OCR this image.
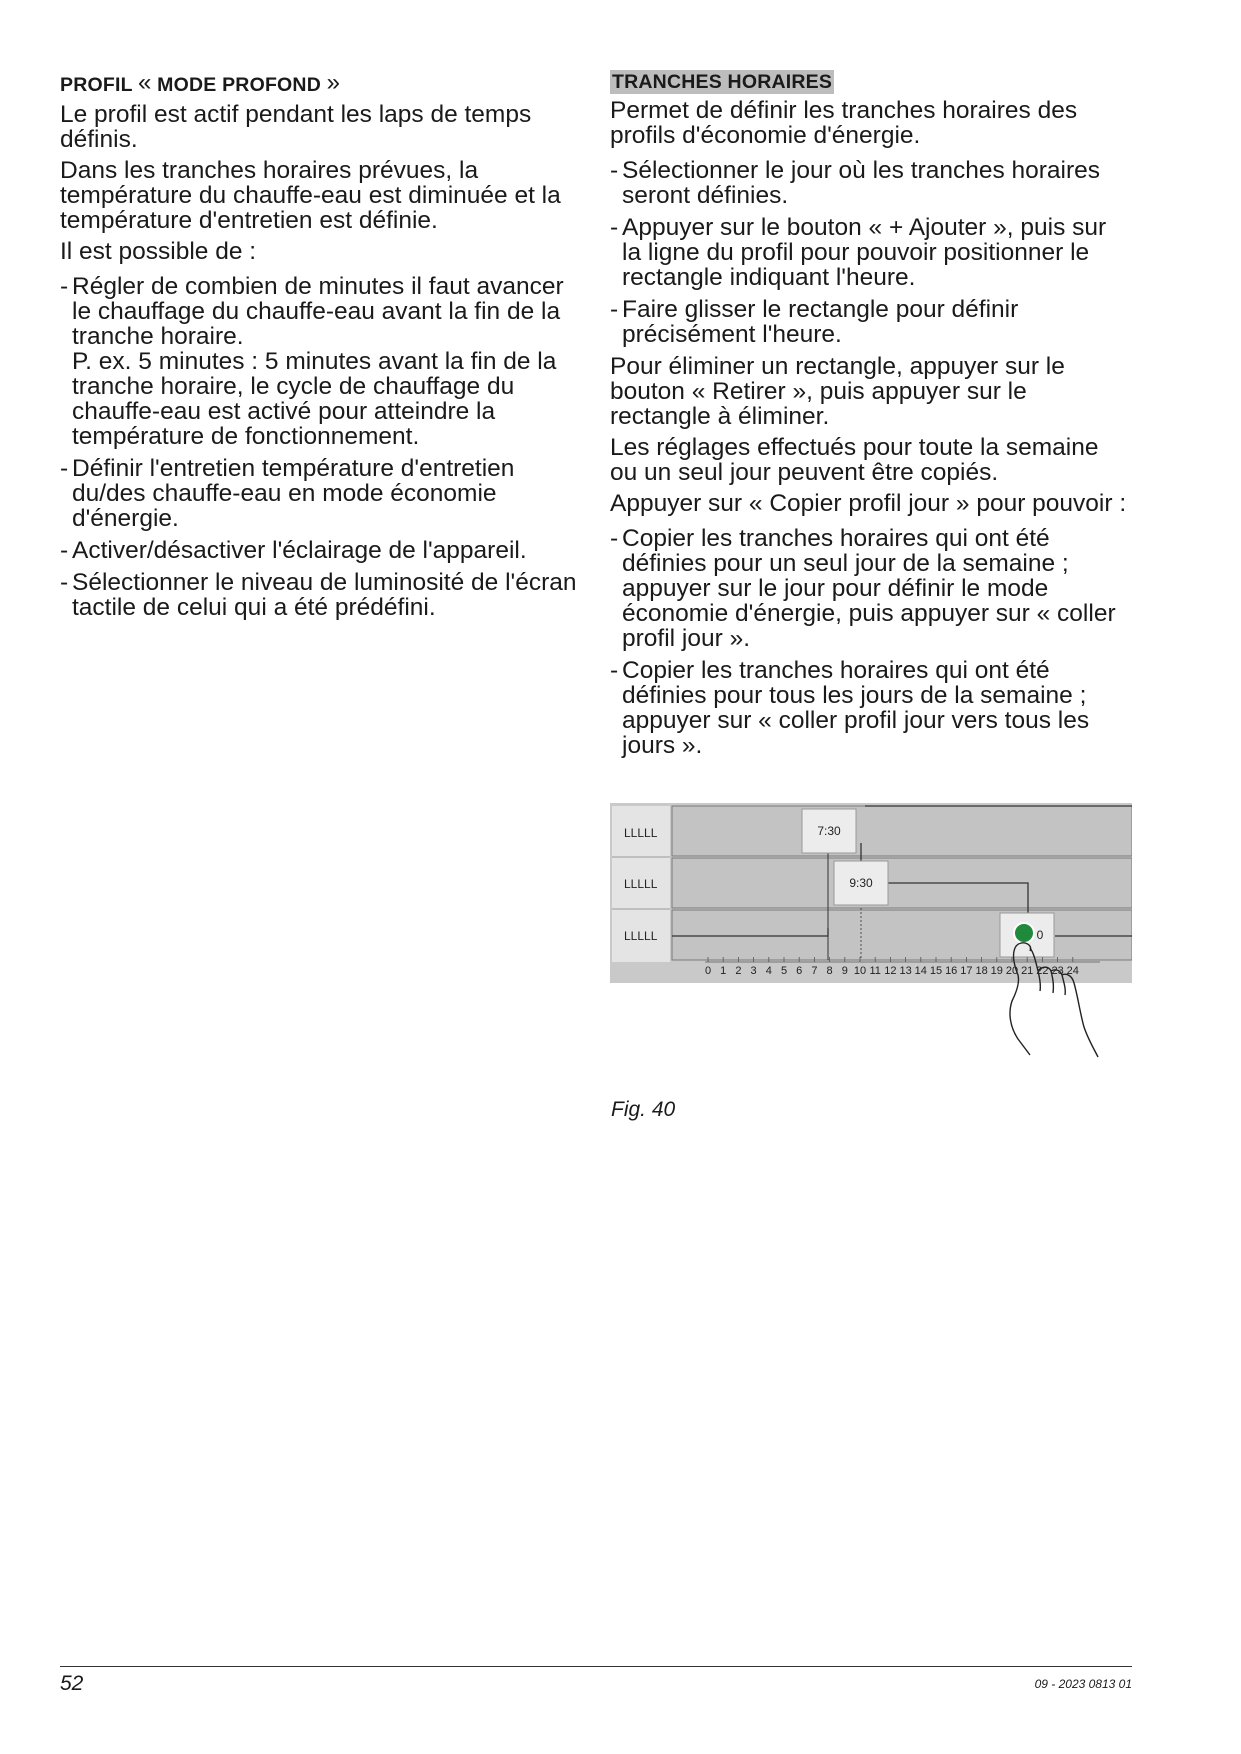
PROFIL « MODE PROFOND »

Le profil est actif pendant les laps de temps définis.

Dans les tranches horaires prévues, la température du chauffe-eau est diminuée et la température d'entretien est définie.

Il est possible de :

- Régler de combien de minutes il faut avancer le chauffage du chauffe-eau avant la fin de la tranche horaire.
P. ex. 5 minutes : 5 minutes avant la fin de la tranche horaire, le cycle de chauffage du chauffe-eau est activé pour atteindre la température de fonctionnement.
- Définir l'entretien température d'entretien du/des chauffe-eau en mode économie d'énergie.
- Activer/désactiver l'éclairage de l'appareil.
- Sélectionner le niveau de luminosité de l'écran tactile de celui qui a été prédéfini.
TRANCHES HORAIRES

Permet de définir les tranches horaires des profils d'économie d'énergie.

- Sélectionner le jour où les tranches horaires seront définies.
- Appuyer sur le bouton « + Ajouter », puis sur la ligne du profil pour pouvoir positionner le rectangle indiquant l'heure.
- Faire glisser le rectangle pour définir précisément l'heure.

Pour éliminer un rectangle, appuyer sur le bouton « Retirer », puis appuyer sur le rectangle à éliminer.

Les réglages effectués pour toute la semaine ou un seul jour peuvent être copiés.

Appuyer sur « Copier profil jour » pour pouvoir :

- Copier les tranches horaires qui ont été définies pour un seul jour de la semaine ; appuyer sur le jour pour définir le mode économie d'énergie, puis appuyer sur « coller profil jour ».
- Copier les tranches horaires qui ont été définies pour tous les jours de la semaine ; appuyer sur « coller profil jour vers tous les jours ».
LLLLL
LLLLL
LLLLL
7:30
9:30
0
0 1 2 3 4 5 6 7 8 9 10 11 12 13 14 15 16 17 18 19 20 21 22 23 24
Fig. 40
52	09 - 2023 0813 01
